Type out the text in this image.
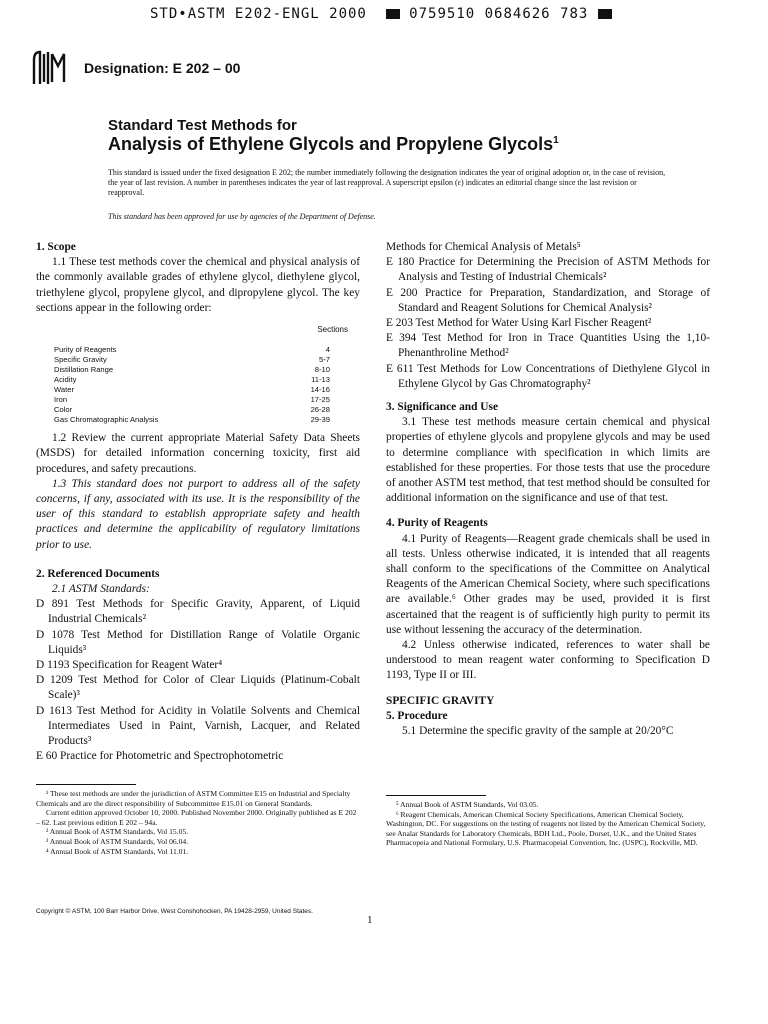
STD•ASTM E202-ENGL 2000	0759510 0684626 783
ASTM
Designation: E 202 – 00
Standard Test Methods for
Analysis of Ethylene Glycols and Propylene Glycols$^1$
This standard is issued under the fixed designation E 202; the number immediately following the designation indicates the year of original adoption or, in the case of revision, the year of last revision. A number in parentheses indicates the year of last reapproval. A superscript epsilon (ε) indicates an editorial change since the last revision or reapproval.
This standard has been approved for use by agencies of the Department of Defense.

1. Scope

1.1 These test methods cover the chemical and physical analysis of the commonly available grades of ethylene glycol, diethylene glycol, triethylene glycol, propylene glycol, and dipropylene glycol. The key sections appear in the following order:

Sections
Purity of Reagents	4
Specific Gravity	5-7
Distillation Range	8-10
Acidity	11-13
Water	14-16
Iron	17-25
Color	26-28
Gas Chromatographic Analysis	29-39

1.2 Review the current appropriate Material Safety Data Sheets (MSDS) for detailed information concerning toxicity, first aid procedures, and safety precautions.

1.3 This standard does not purport to address all of the safety concerns, if any, associated with its use. It is the responsibility of the user of this standard to establish appropriate safety and health practices and determine the applicability of regulatory limitations prior to use.

2. Referenced Documents

2.1 ASTM Standards:

D 891 Test Methods for Specific Gravity, Apparent, of Liquid Industrial Chemicals²

D 1078 Test Method for Distillation Range of Volatile Organic Liquids³

D 1193 Specification for Reagent Water⁴

D 1209 Test Method for Color of Clear Liquids (Platinum-Cobalt Scale)³

D 1613 Test Method for Acidity in Volatile Solvents and Chemical Intermediates Used in Paint, Varnish, Lacquer, and Related Products³

E 60 Practice for Photometric and Spectrophotometric

Methods for Chemical Analysis of Metals⁵

E 180 Practice for Determining the Precision of ASTM Methods for Analysis and Testing of Industrial Chemicals²

E 200 Practice for Preparation, Standardization, and Storage of Standard and Reagent Solutions for Chemical Analysis²

E 203 Test Method for Water Using Karl Fischer Reagent²

E 394 Test Method for Iron in Trace Quantities Using the 1,10-Phenanthroline Method²

E 611 Test Methods for Low Concentrations of Diethylene Glycol in Ethylene Glycol by Gas Chromatography²

3. Significance and Use

3.1 These test methods measure certain chemical and physical properties of ethylene glycols and propylene glycols and may be used to determine compliance with specification in which limits are established for these properties. For those tests that use the procedure of another ASTM test method, that test method should be consulted for additional information on the significance and use of that test.

4. Purity of Reagents

4.1 Purity of Reagents—Reagent grade chemicals shall be used in all tests. Unless otherwise indicated, it is intended that all reagents shall conform to the specifications of the Committee on Analytical Reagents of the American Chemical Society, where such specifications are available.⁶ Other grades may be used, provided it is first ascertained that the reagent is of sufficiently high purity to permit its use without lessening the accuracy of the determination.

4.2 Unless otherwise indicated, references to water shall be understood to mean reagent water conforming to Specification D 1193, Type II or III.

SPECIFIC GRAVITY

5. Procedure

5.1 Determine the specific gravity of the sample at 20/20°C

¹ These test methods are under the jurisdiction of ASTM Committee E15 on Industrial and Specialty Chemicals and are the direct responsibility of Subcommittee E15.01 on General Standards.
Current edition approved October 10, 2000. Published November 2000. Originally published as E 202 – 62. Last previous edition E 202 – 94a.
² Annual Book of ASTM Standards, Vol 15.05.
³ Annual Book of ASTM Standards, Vol 06.04.
⁴ Annual Book of ASTM Standards, Vol 11.01.
⁵ Annual Book of ASTM Standards, Vol 03.05.
⁶ Reagent Chemicals, American Chemical Society Specifications, American Chemical Society, Washington, DC. For suggestions on the testing of reagents not listed by the American Chemical Society, see Analar Standards for Laboratory Chemicals, BDH Ltd., Poole, Dorset, U.K., and the United States Pharmacopeia and National Formulary, U.S. Pharmacopeial Convention, Inc. (USPC), Rockville, MD.
Copyright © ASTM, 100 Barr Harbor Drive, West Conshohocken, PA 19428-2959, United States.
1
